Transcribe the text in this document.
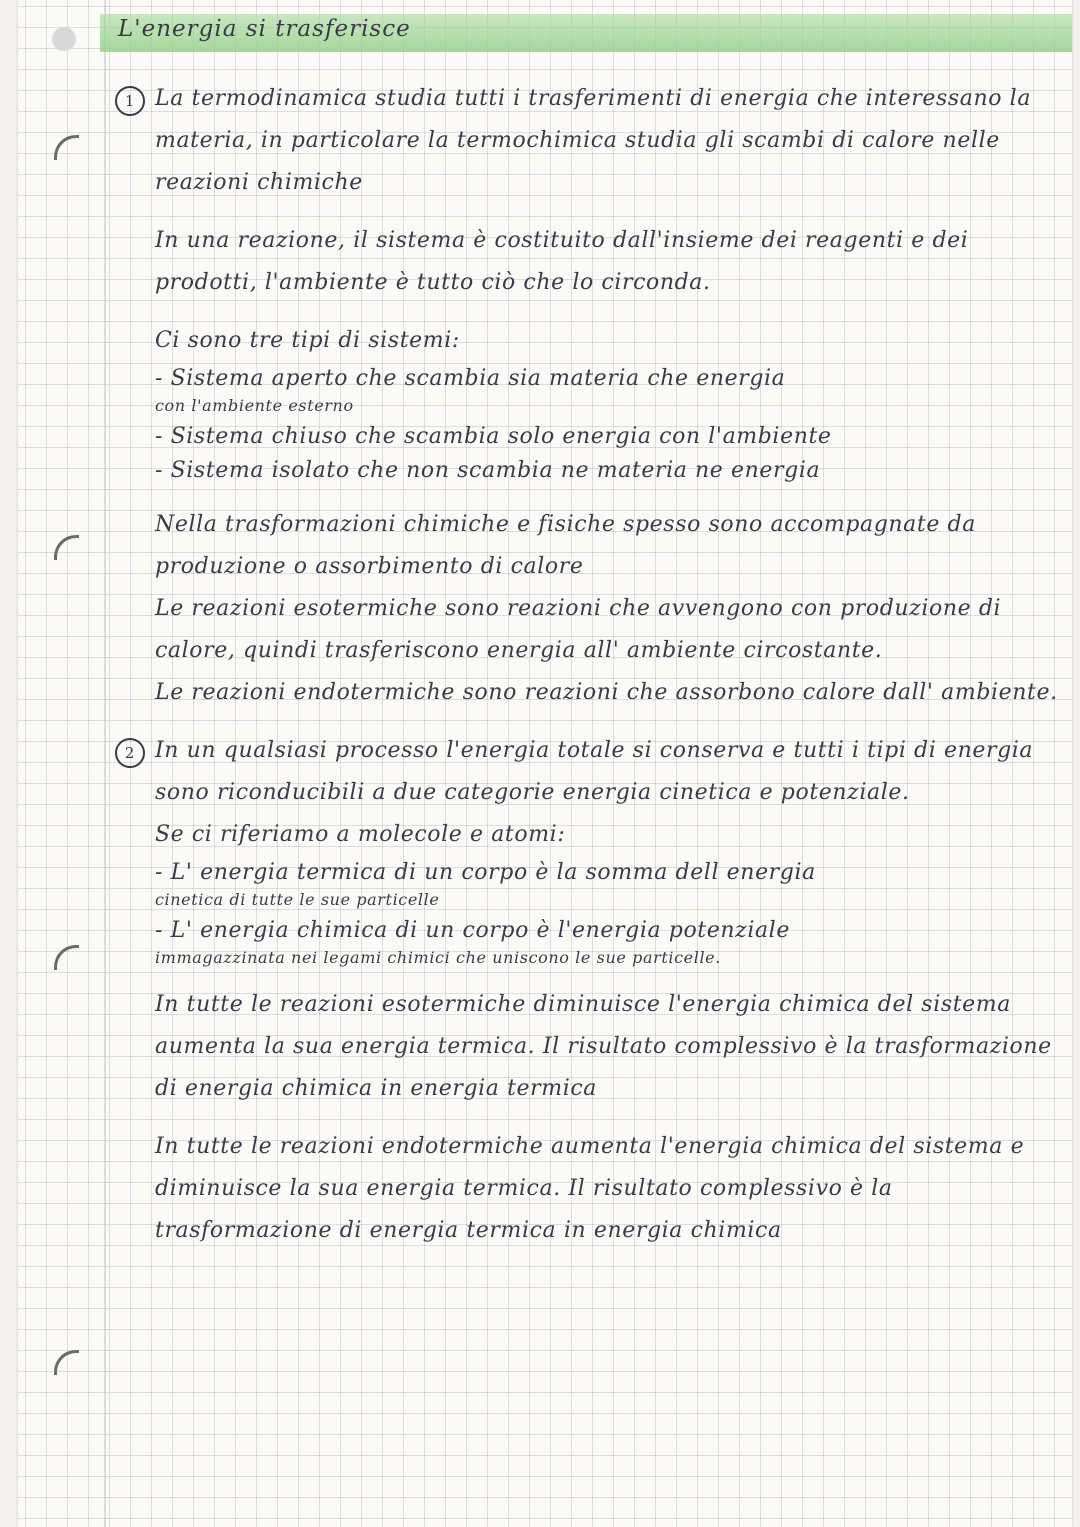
L'energia si trasferisce
1 La termodinamica studia tutti i trasferimenti di energia che interessano la materia, in particolare la termochimica studia gli scambi di calore nelle reazioni chimiche

In una reazione, il sistema è costituito dall'insieme dei reagenti e dei prodotti, l'ambiente è tutto ciò che lo circonda.

Ci sono tre tipi di sistemi:

- Sistema aperto che scambia sia materia che energia
con l'ambiente esterno
- Sistema chiuso che scambia solo energia con l'ambiente
- Sistema isolato che non scambia ne materia ne energia

Nella trasformazioni chimiche e fisiche spesso sono accompagnate da produzione o assorbimento di calore

Le reazioni esotermiche sono reazioni che avvengono con produzione di calore, quindi trasferiscono energia all' ambiente circostante.

Le reazioni endotermiche sono reazioni che assorbono calore dall' ambiente.

2 In un qualsiasi processo l'energia totale si conserva e tutti i tipi di energia sono riconducibili a due categorie energia cinetica e potenziale.

Se ci riferiamo a molecole e atomi:

- L' energia termica di un corpo è la somma dell energia
cinetica di tutte le sue particelle
- L' energia chimica di un corpo è l'energia potenziale
immagazzinata nei legami chimici che uniscono le sue particelle.

In tutte le reazioni esotermiche diminuisce l'energia chimica del sistema aumenta la sua energia termica. Il risultato complessivo è la trasformazione di energia chimica in energia termica

In tutte le reazioni endotermiche aumenta l'energia chimica del sistema e diminuisce la sua energia termica. Il risultato complessivo è la trasformazione di energia termica in energia chimica
